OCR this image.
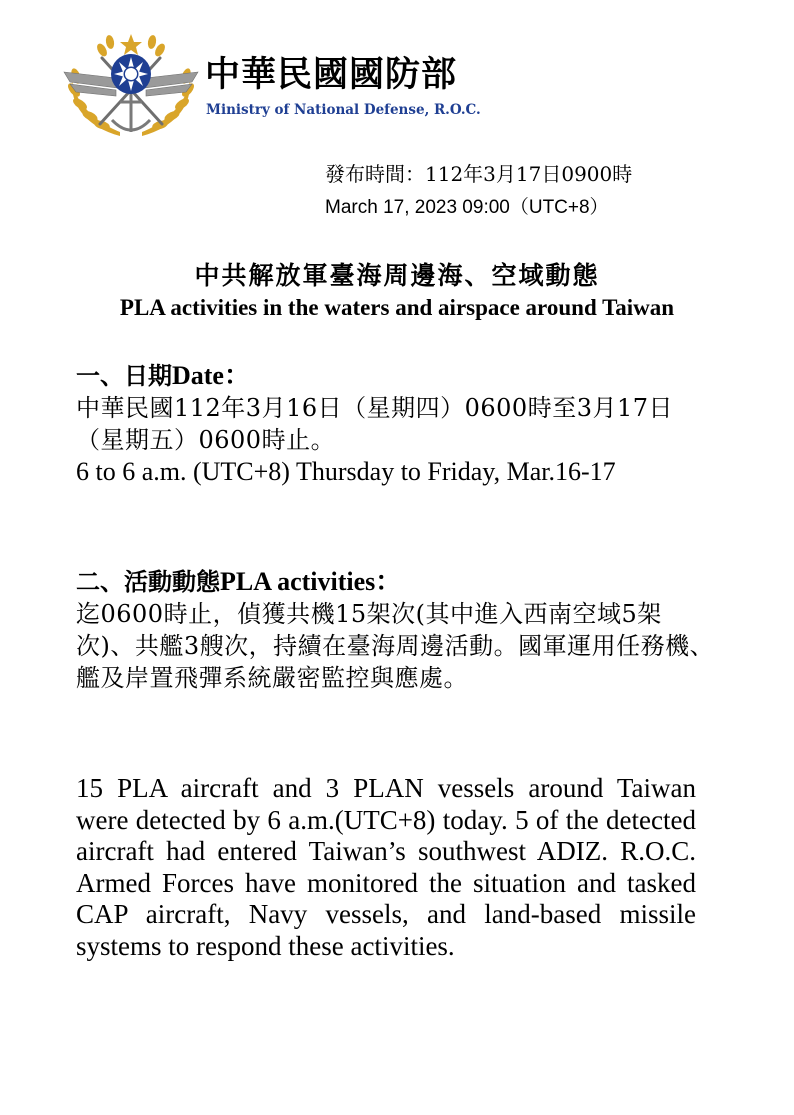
中華民國國防部
Ministry of National Defense, R.O.C.
發布時間：112年3月17日0900時
March 17, 2023 09:00（UTC+8）
中共解放軍臺海周邊海、空域動態
PLA activities in the waters and airspace around Taiwan

一、日期Date：

中華民國112年3月16日（星期四）0600時至3月17日（星期五）0600時止。

6 to 6 a.m. (UTC+8) Thursday to Friday, Mar.16-17

二、活動動態PLA activities：

迄0600時止，偵獲共機15架次(其中進入西南空域5架次)、共艦3艘次，持續在臺海周邊活動。國軍運用任務機、艦及岸置飛彈系統嚴密監控與應處。

15 PLA aircraft and 3 PLAN vessels around Taiwan were detected by 6 a.m.(UTC+8) today. 5 of the detected aircraft had entered Taiwan’s southwest ADIZ. R.O.C. Armed Forces have monitored the situation and tasked CAP aircraft, Navy vessels, and land-based missile systems to respond these activities.
